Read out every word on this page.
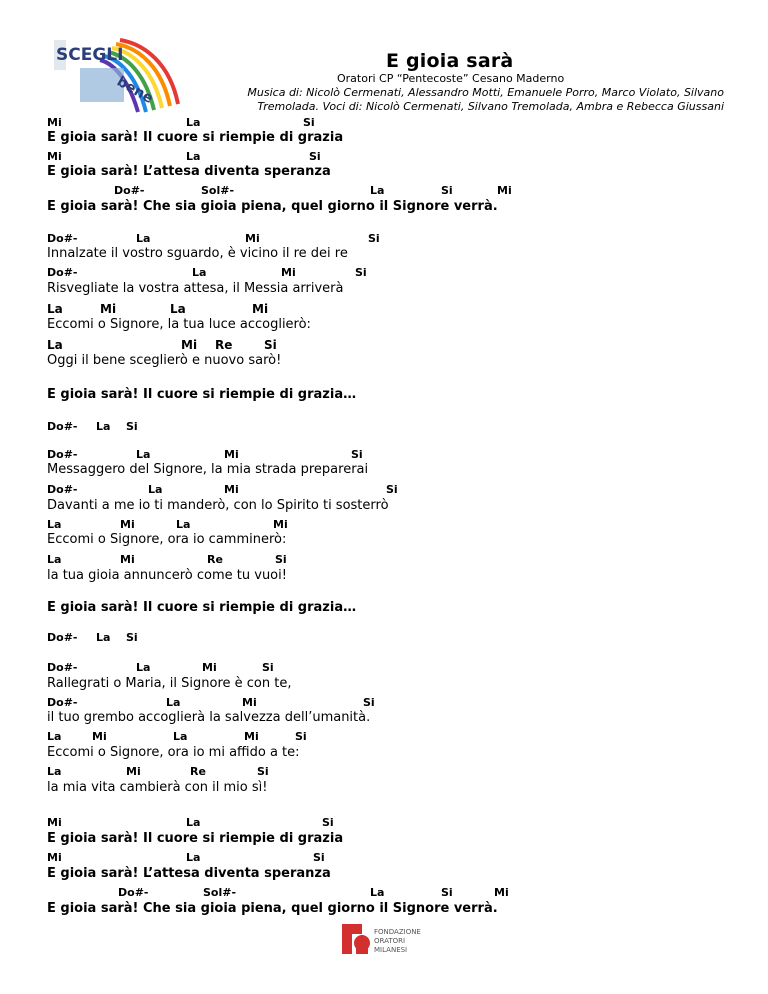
SCEGLI
bene
E gioia sarà
Oratori CP “Pentecoste” Cesano Maderno
Musica di: Nicolò Cermenati, Alessandro Motti, Emanuele Porro, Marco Violato, Silvano
Tremolada. Voci di: Nicolò Cermenati, Silvano Tremolada, Ambra e Rebecca Giussani
Mi	La	Si
E gioia sarà! Il cuore si riempie di grazia
Mi	La	Si
E gioia sarà! L’attesa diventa speranza
Do#-	Sol#-	La	Si	Mi
E gioia sarà! Che sia gioia piena, quel giorno il Signore verrà.
Do#-	La	Mi	Si
Innalzate il vostro sguardo, è vicino il re dei re
Do#-	La	Mi	Si
Risvegliate la vostra attesa, il Messia arriverà
La	Mi	La	Mi
Eccomi o Signore, la tua luce accoglierò:
La	Mi Re	Si
Oggi il bene sceglierò e nuovo sarò!
E gioia sarà! Il cuore si riempie di grazia…
Do#- La Si
Do#-	La	Mi	Si
Messaggero del Signore, la mia strada preparerai
Do#-	La	Mi	Si
Davanti a me io ti manderò, con lo Spirito ti sosterrò
La	Mi	La	Mi
Eccomi o Signore, ora io camminerò:
La	Mi	Re	Si
la tua gioia annuncerò come tu vuoi!
E gioia sarà! Il cuore si riempie di grazia…
Do#- La Si
Do#-	La	Mi	Si
Rallegrati o Maria, il Signore è con te,
Do#-	La	Mi	Si
il tuo grembo accoglierà la salvezza dell’umanità.
La	Mi	La	Mi	Si
Eccomi o Signore, ora io mi affido a te:
La	Mi	Re	Si
la mia vita cambierà con il mio sì!
Mi	La	Si
E gioia sarà! Il cuore si riempie di grazia
Mi	La	Si
E gioia sarà! L’attesa diventa speranza
Do#-	Sol#-	La	Si	Mi
E gioia sarà! Che sia gioia piena, quel giorno il Signore verrà.
FONDAZIONE
ORATORI
MILANESI
